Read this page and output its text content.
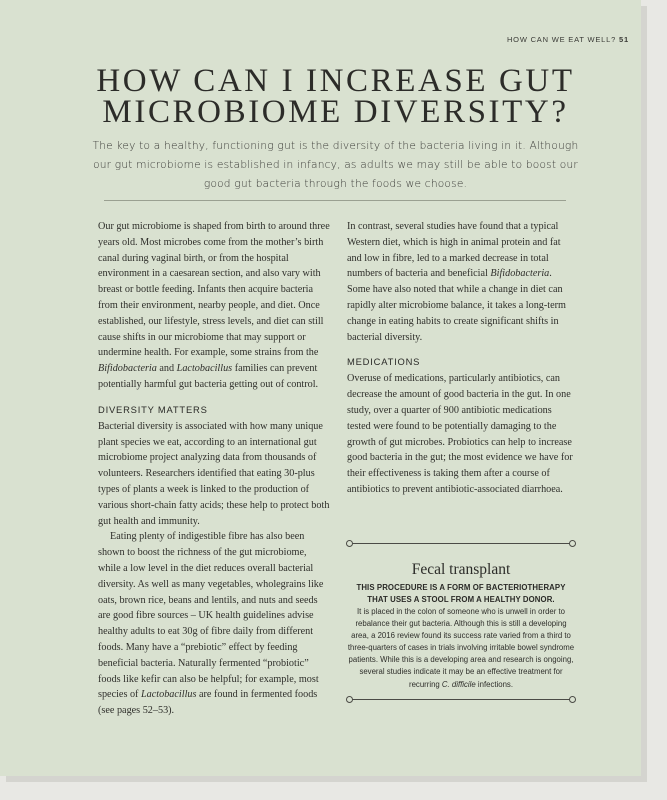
HOW CAN WE EAT WELL? 51
HOW CAN I INCREASE GUT MICROBIOME DIVERSITY?

The key to a healthy, functioning gut is the diversity of the bacteria living in it. Although our gut microbiome is established in infancy, as adults we may still be able to boost our good gut bacteria through the foods we choose.

Our gut microbiome is shaped from birth to around three years old. Most microbes come from the mother’s birth canal during vaginal birth, or from the hospital environment in a caesarean section, and also vary with breast or bottle feeding. Infants then acquire bacteria from their environment, nearby people, and diet. Once established, our lifestyle, stress levels, and diet can still cause shifts in our microbiome that may support or undermine health. For example, some strains from the Bifidobacteria and Lactobacillus families can prevent potentially harmful gut bacteria getting out of control.

DIVERSITY MATTERS

Bacterial diversity is associated with how many unique plant species we eat, according to an international gut microbiome project analyzing data from thousands of volunteers. Researchers identified that eating 30-plus types of plants a week is linked to the production of various short-chain fatty acids; these help to protect both gut health and immunity.

Eating plenty of indigestible fibre has also been shown to boost the richness of the gut microbiome, while a low level in the diet reduces overall bacterial diversity. As well as many vegetables, wholegrains like oats, brown rice, beans and lentils, and nuts and seeds are good fibre sources – UK health guidelines advise healthy adults to eat 30g of fibre daily from different foods. Many have a “prebiotic” effect by feeding beneficial bacteria. Naturally fermented “probiotic” foods like kefir can also be helpful; for example, most species of Lactobacillus are found in fermented foods (see pages 52–53).

In contrast, several studies have found that a typical Western diet, which is high in animal protein and fat and low in fibre, led to a marked decrease in total numbers of bacteria and beneficial Bifidobacteria. Some have also noted that while a change in diet can rapidly alter microbiome balance, it takes a long-term change in eating habits to create significant shifts in bacterial diversity.

MEDICATIONS

Overuse of medications, particularly antibiotics, can decrease the amount of good bacteria in the gut. In one study, over a quarter of 900 antibiotic medications tested were found to be potentially damaging to the growth of gut microbes. Probiotics can help to increase good bacteria in the gut; the most evidence we have for their effectiveness is taking them after a course of antibiotics to prevent antibiotic-associated diarrhoea.

Fecal transplant

THIS PROCEDURE IS A FORM OF BACTERIOTHERAPY THAT USES A STOOL FROM A HEALTHY DONOR.

It is placed in the colon of someone who is unwell in order to rebalance their gut bacteria. Although this is still a developing area, a 2016 review found its success rate varied from a third to three-quarters of cases in trials involving irritable bowel syndrome patients. While this is a developing area and research is ongoing, several studies indicate it may be an effective treatment for recurring C. difficile infections.
